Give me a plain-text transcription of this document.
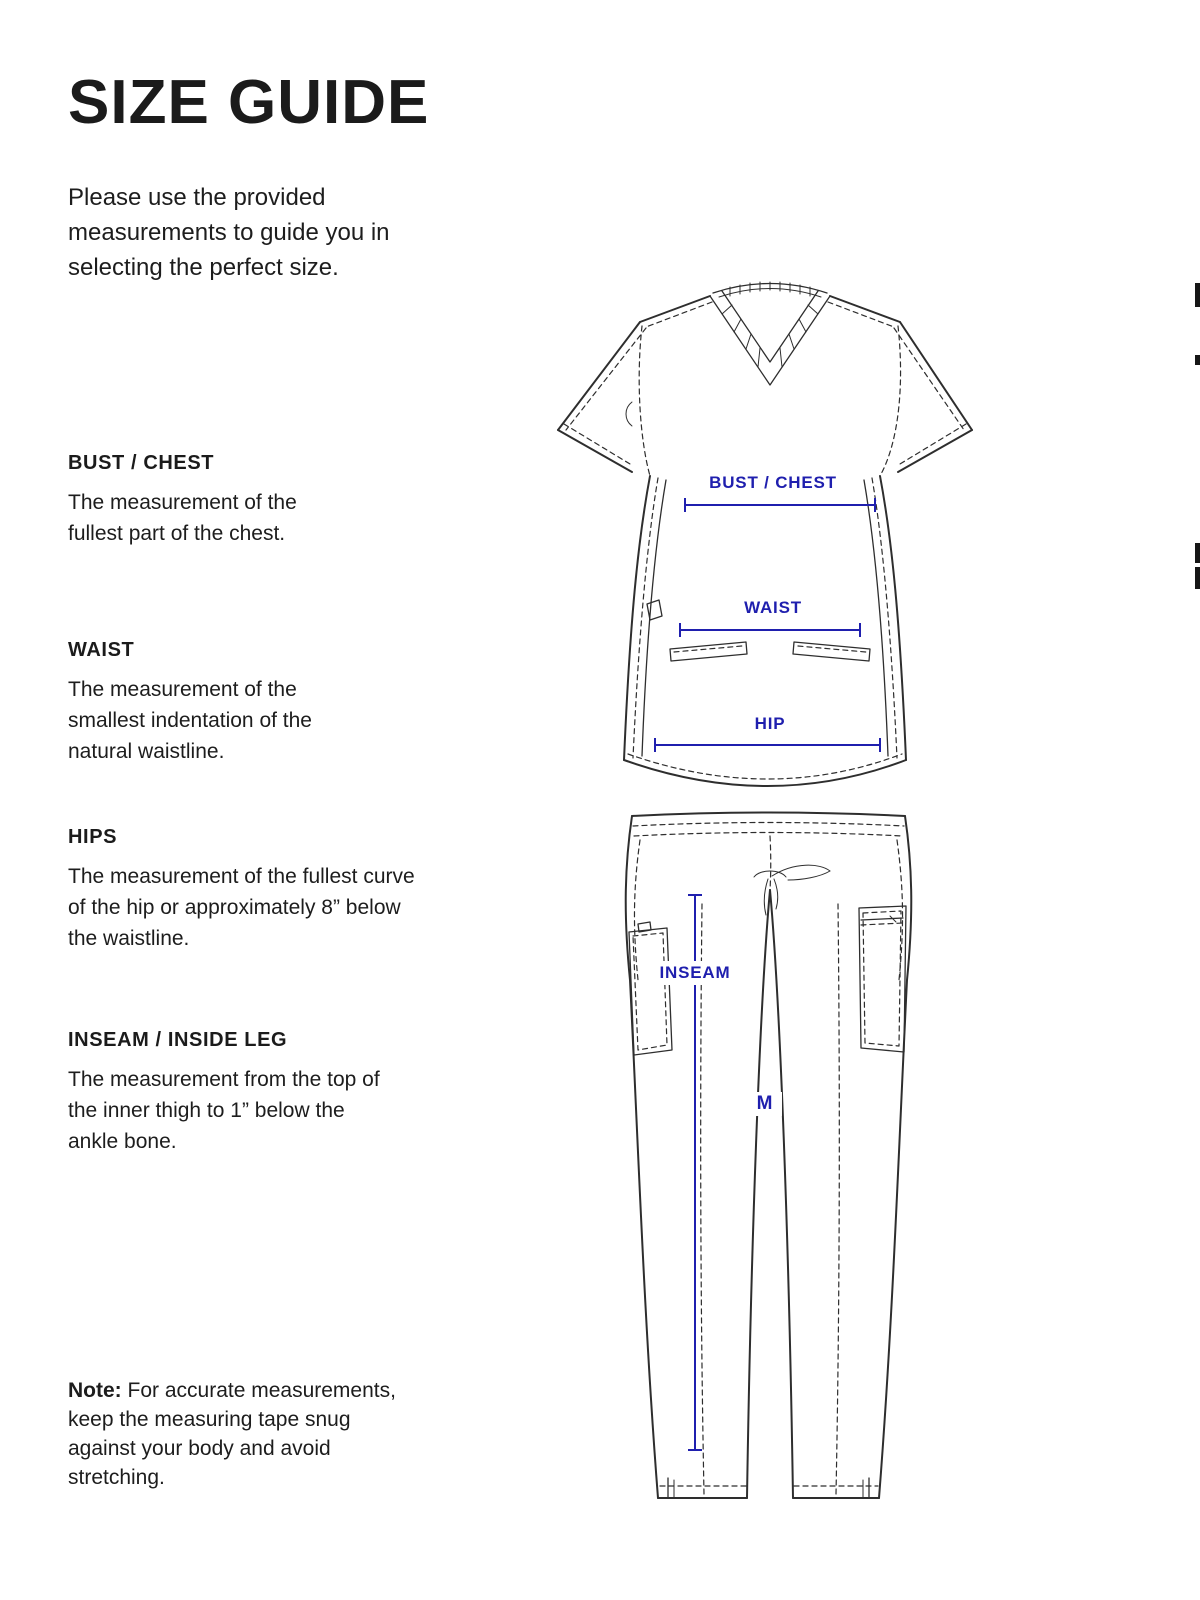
SIZE GUIDE
Please use the provided measurements to guide you in selecting the perfect size.
BUST / CHEST
The measurement of the fullest part of the chest.
WAIST
The measurement of the smallest indentation of the natural waistline.
HIPS
The measurement of the fullest curve of the hip or approximately 8” below the waistline.
INSEAM / INSIDE LEG
The measurement from the top of the inner thigh to 1” below the ankle bone.
Note: For accurate measurements, keep the measuring tape snug against your body and avoid stretching.
BUST / CHEST
WAIST
HIP
INSEAM
M
